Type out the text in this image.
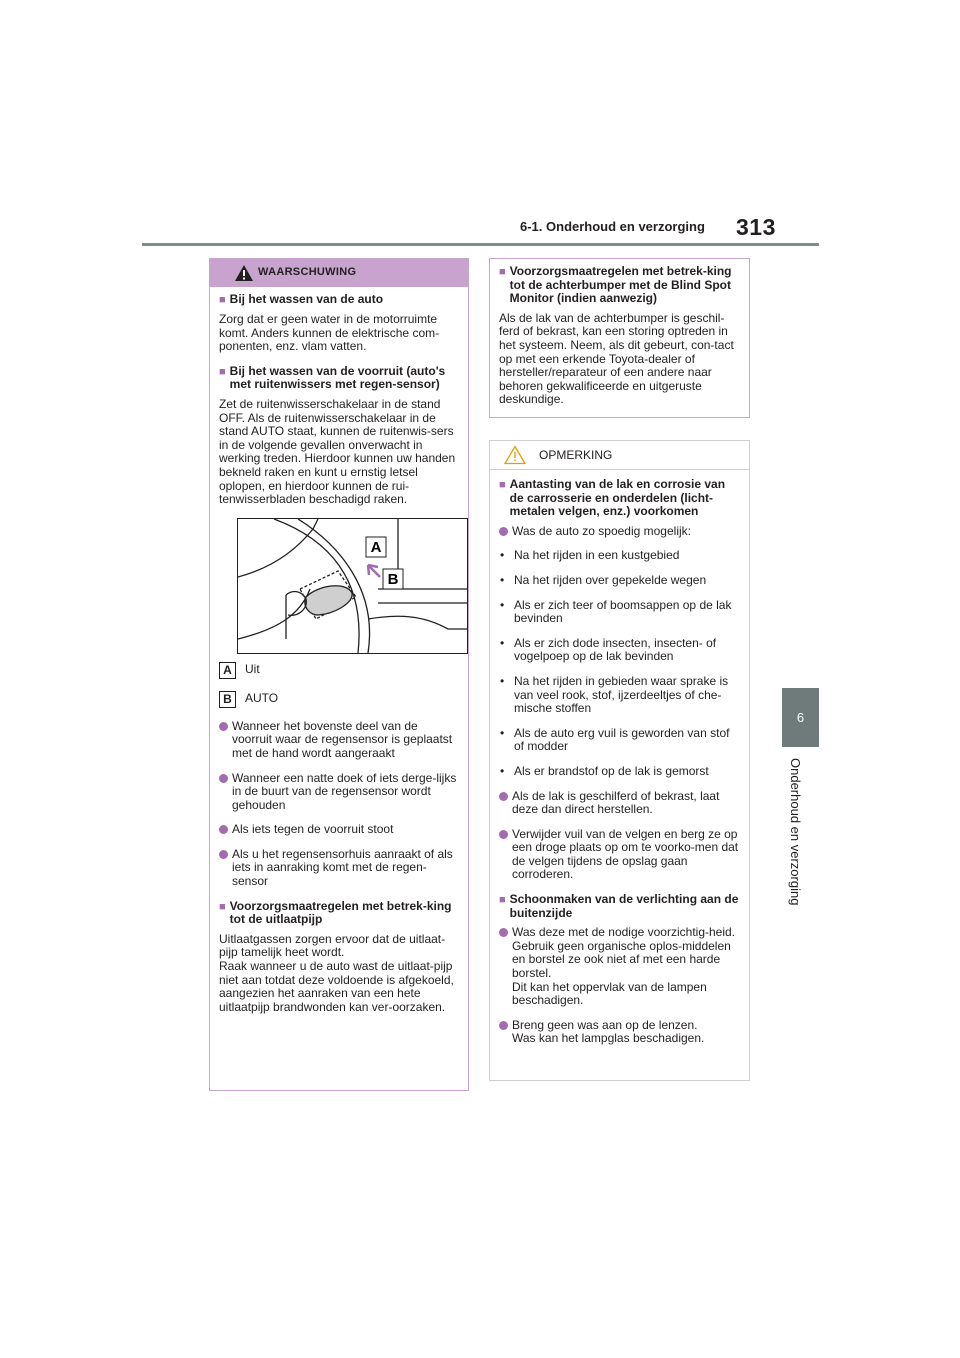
6-1. Onderhoud en verzorging 313
6
Onderhoud en verzorging
WAARSCHUWING
■ Bij het wassen van de auto
Zorg dat er geen water in de motorruimte komt. Anders kunnen de elektrische com-ponenten, enz. vlam vatten.
■ Bij het wassen van de voorruit (auto's met ruitenwissers met regen-sensor)
Zet de ruitenwisserschakelaar in de stand OFF. Als de ruitenwisserschakelaar in de stand AUTO staat, kunnen de ruitenwis-sers in de volgende gevallen onverwacht in werking treden. Hierdoor kunnen uw handen bekneld raken en kunt u ernstig letsel oplopen, en hierdoor kunnen de rui-tenwisserbladen beschadigd raken.
A
B
A	Uit
B	AUTO
Wanneer het bovenste deel van de voorruit waar de regensensor is geplaatst met de hand wordt aangeraakt
Wanneer een natte doek of iets derge-lijks in de buurt van de regensensor wordt gehouden
Als iets tegen de voorruit stoot
Als u het regensensorhuis aanraakt of als iets in aanraking komt met de regen-sensor
■ Voorzorgsmaatregelen met betrek-king tot de uitlaatpijp
Uitlaatgassen zorgen ervoor dat de uitlaat-pijp tamelijk heet wordt.
Raak wanneer u de auto wast de uitlaat-pijp niet aan totdat deze voldoende is afgekoeld, aangezien het aanraken van een hete uitlaatpijp brandwonden kan ver-oorzaken.
■ Voorzorgsmaatregelen met betrek-king tot de achterbumper met de Blind Spot Monitor (indien aanwezig)
Als de lak van de achterbumper is geschil-ferd of bekrast, kan een storing optreden in het systeem. Neem, als dit gebeurt, con-tact op met een erkende Toyota-dealer of hersteller/reparateur of een andere naar behoren gekwalificeerde en uitgeruste deskundige.
OPMERKING
■ Aantasting van de lak en corrosie van de carrosserie en onderdelen (licht-metalen velgen, enz.) voorkomen
Was de auto zo spoedig mogelijk:
• Na het rijden in een kustgebied
• Na het rijden over gepekelde wegen
• Als er zich teer of boomsappen op de lak bevinden
• Als er zich dode insecten, insecten- of vogelpoep op de lak bevinden
• Na het rijden in gebieden waar sprake is van veel rook, stof, ijzerdeeltjes of che-mische stoffen
• Als de auto erg vuil is geworden van stof of modder
• Als er brandstof op de lak is gemorst
Als de lak is geschilferd of bekrast, laat deze dan direct herstellen.
Verwijder vuil van de velgen en berg ze op een droge plaats op om te voorko-men dat de velgen tijdens de opslag gaan corroderen.
■ Schoonmaken van de verlichting aan de buitenzijde
Was deze met de nodige voorzichtig-heid. Gebruik geen organische oplos-middelen en borstel ze ook niet af met een harde borstel.
Dit kan het oppervlak van de lampen beschadigen.
Breng geen was aan op de lenzen.
Was kan het lampglas beschadigen.
